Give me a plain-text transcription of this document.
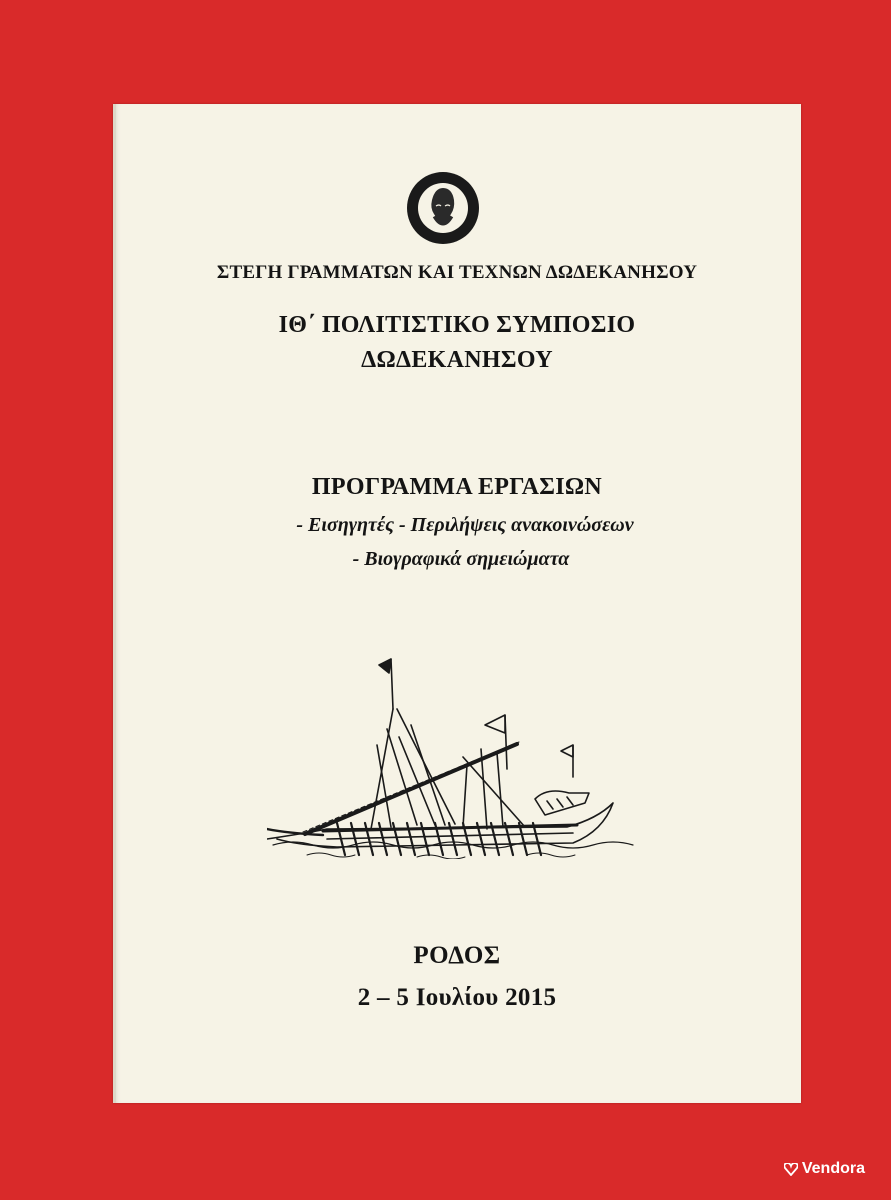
ΣΤΕΓΗ ΓΡΑΜΜΑΤΩΝ ΚΑΙ ΤΕΧΝΩΝ ΔΩΔΕΚΑΝΗΣΟΥ
ΙΘ΄ ΠΟΛΙΤΙΣΤΙΚΟ ΣΥΜΠΟΣΙΟ
ΔΩΔΕΚΑΝΗΣΟΥ
ΠΡΟΓΡΑΜΜΑ ΕΡΓΑΣΙΩΝ
- Εισηγητές - Περιλήψεις ανακοινώσεων
- Βιογραφικά σημειώματα
ΡΟΔΟΣ
2 – 5 Ιουλίου 2015
Vendora
